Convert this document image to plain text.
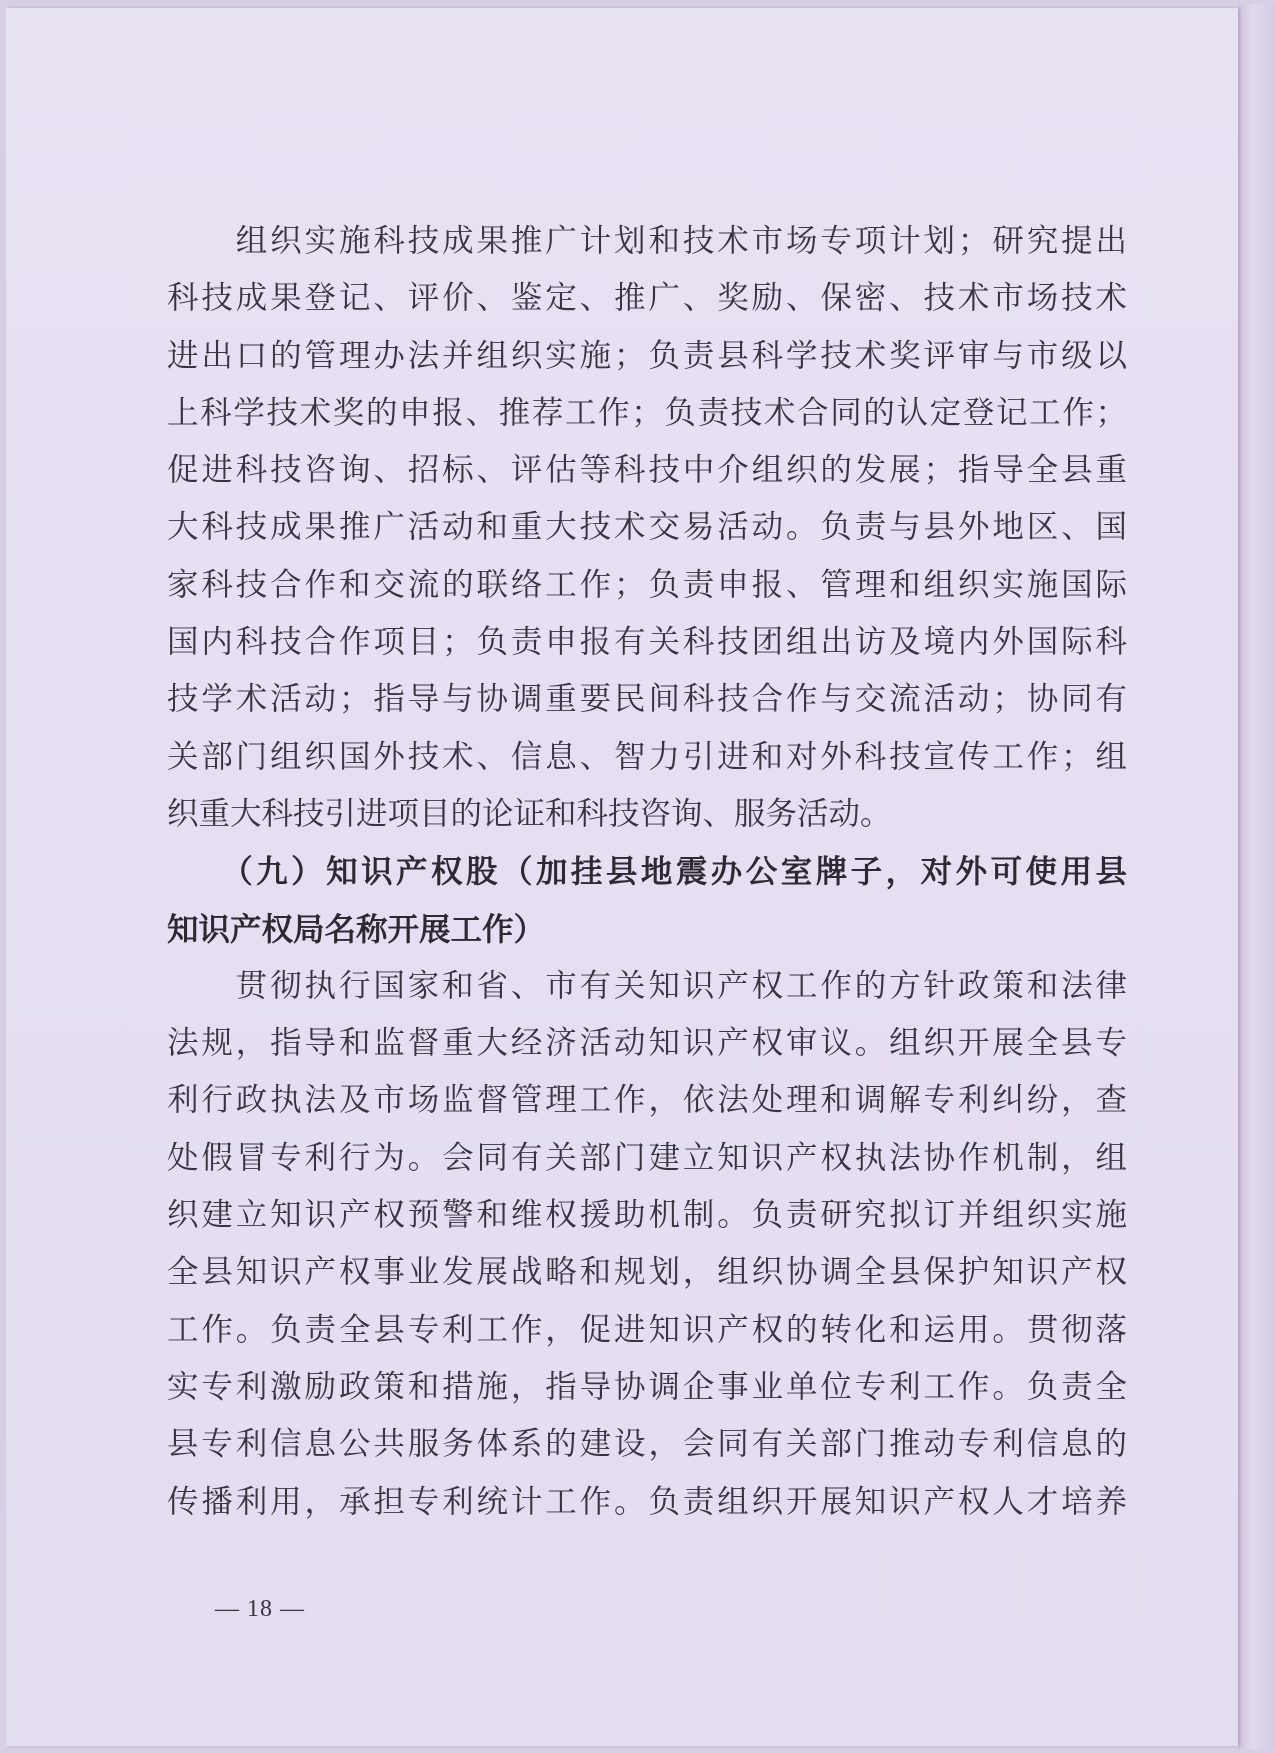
　　组织实施科技成果推广计划和技术市场专项计划；研究提出
科技成果登记、评价、鉴定、推广、奖励、保密、技术市场技术
进出口的管理办法并组织实施；负责县科学技术奖评审与市级以
上科学技术奖的申报、推荐工作；负责技术合同的认定登记工作；
促进科技咨询、招标、评估等科技中介组织的发展；指导全县重
大科技成果推广活动和重大技术交易活动。负责与县外地区、国
家科技合作和交流的联络工作；负责申报、管理和组织实施国际
国内科技合作项目；负责申报有关科技团组出访及境内外国际科
技学术活动；指导与协调重要民间科技合作与交流活动；协同有
关部门组织国外技术、信息、智力引进和对外科技宣传工作；组
织重大科技引进项目的论证和科技咨询、服务活动。
　　（九）知识产权股（加挂县地震办公室牌子，对外可使用县
知识产权局名称开展工作）
　　贯彻执行国家和省、市有关知识产权工作的方针政策和法律
法规，指导和监督重大经济活动知识产权审议。组织开展全县专
利行政执法及市场监督管理工作，依法处理和调解专利纠纷，查
处假冒专利行为。会同有关部门建立知识产权执法协作机制，组
织建立知识产权预警和维权援助机制。负责研究拟订并组织实施
全县知识产权事业发展战略和规划，组织协调全县保护知识产权
工作。负责全县专利工作，促进知识产权的转化和运用。贯彻落
实专利激励政策和措施，指导协调企事业单位专利工作。负责全
县专利信息公共服务体系的建设，会同有关部门推动专利信息的
传播利用，承担专利统计工作。负责组织开展知识产权人才培养
— 18 —
